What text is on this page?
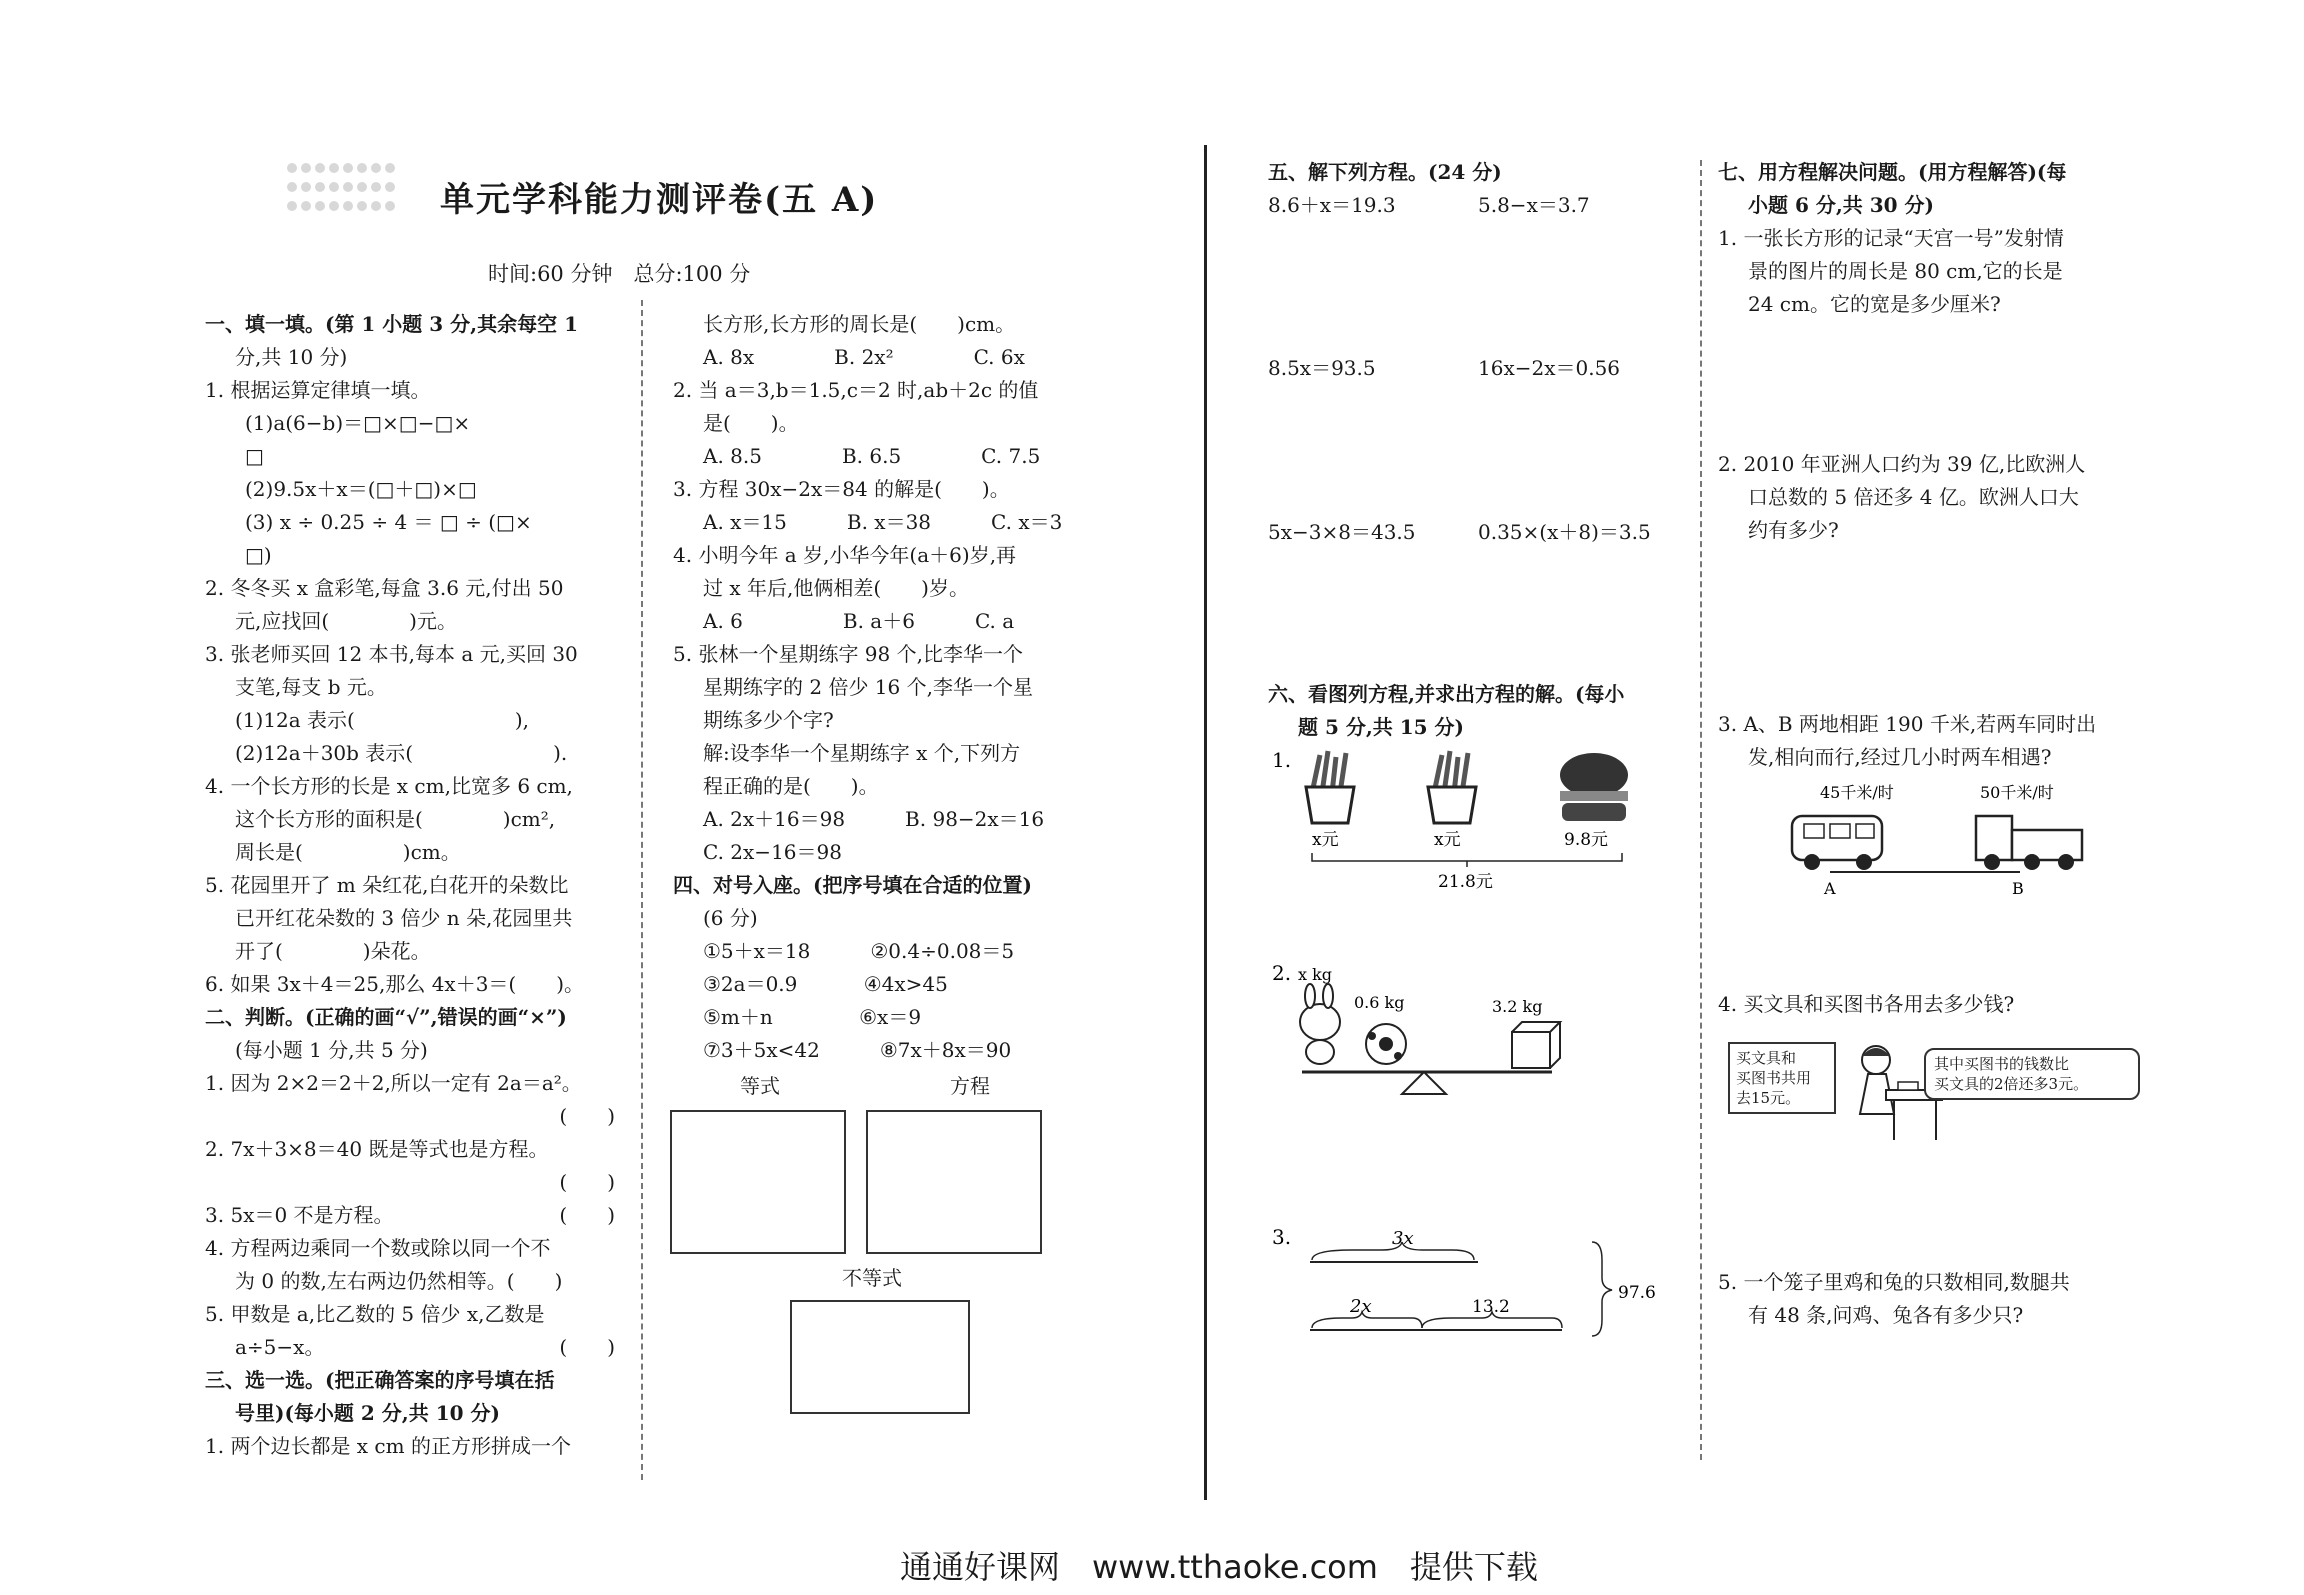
单元学科能力测评卷(五 A)
时间:60 分钟　总分:100 分
一、填一填。(第 1 小题 3 分,其余每空 1
分,共 10 分)
1. 根据运算定律填一填。
(1)a(6−b)＝□×□−□×
□
(2)9.5x＋x＝(□＋□)×□
(3) x ÷ 0.25 ÷ 4 ＝ □ ÷ (□×
□)
2. 冬冬买 x 盒彩笔,每盒 3.6 元,付出 50
元,应找回(　　　　)元。
3. 张老师买回 12 本书,每本 a 元,买回 30
支笔,每支 b 元。
(1)12a 表示(　　　　　　　　),
(2)12a＋30b 表示(　　　　　　　).
4. 一个长方形的长是 x cm,比宽多 6 cm,
这个长方形的面积是(　　　　)cm²,
周长是(　　　　　)cm。
5. 花园里开了 m 朵红花,白花开的朵数比
已开红花朵数的 3 倍少 n 朵,花园里共
开了(　　　　)朵花。
6. 如果 3x＋4＝25,那么 4x＋3＝(　　)。
二、判断。(正确的画“√”,错误的画“×”)
(每小题 1 分,共 5 分)
1. 因为 2×2＝2＋2,所以一定有 2a＝a²。
(　　)
2. 7x＋3×8＝40 既是等式也是方程。
(　　)
3. 5x＝0 不是方程。	(　　)
4. 方程两边乘同一个数或除以同一个不
为 0 的数,左右两边仍然相等。(　　)
5. 甲数是 a,比乙数的 5 倍少 x,乙数是
a÷5−x。	(　　)
三、选一选。(把正确答案的序号填在括
号里)(每小题 2 分,共 10 分)
1. 两个边长都是 x cm 的正方形拼成一个
长方形,长方形的周长是(　　)cm。
A. 8x　　　　B. 2x²　　　　C. 6x
2. 当 a＝3,b＝1.5,c＝2 时,ab＋2c 的值
是(　　)。
A. 8.5　　　　B. 6.5　　　　C. 7.5
3. 方程 30x−2x＝84 的解是(　　)。
A. x＝15　　　B. x＝38　　　C. x＝3
4. 小明今年 a 岁,小华今年(a＋6)岁,再
过 x 年后,他俩相差(　　)岁。
A. 6　　　　　B. a＋6　　　C. a
5. 张林一个星期练字 98 个,比李华一个
星期练字的 2 倍少 16 个,李华一个星
期练多少个字?
解:设李华一个星期练字 x 个,下列方
程正确的是(　　)。
A. 2x＋16＝98　　　B. 98−2x＝16
C. 2x−16＝98
四、对号入座。(把序号填在合适的位置)
(6 分)
①5＋x＝18　　　②0.4÷0.08＝5
③2a＝0.9　　　 ④4x>45
⑤m＋n　　　　 ⑥x＝9
⑦3＋5x<42　　　⑧7x＋8x＝90
等式	方程
不等式
五、解下列方程。(24 分)
8.6＋x＝19.3	5.8−x＝3.7
8.5x＝93.5	16x−2x＝0.56
5x−3×8＝43.5	0.35×(x＋8)＝3.5
六、看图列方程,并求出方程的解。(每小
题 5 分,共 15 分)
1.
x元	x元	9.8元
21.8元
2. x kg
0.6 kg	3.2 kg
3.	3x
2x	13.2
97.6
七、用方程解决问题。(用方程解答)(每
小题 6 分,共 30 分)
1. 一张长方形的记录“天宫一号”发射情
景的图片的周长是 80 cm,它的长是
24 cm。它的宽是多少厘米?
2. 2010 年亚洲人口约为 39 亿,比欧洲人
口总数的 5 倍还多 4 亿。欧洲人口大
约有多少?
3. A、B 两地相距 190 千米,若两车同时出
发,相向而行,经过几小时两车相遇?
45千米/时	50千米/时
A	B
4. 买文具和买图书各用去多少钱?
买文具和
买图书共用
去15元。
其中买图书的钱数比
买文具的2倍还多3元。
5. 一个笼子里鸡和兔的只数相同,数腿共
有 48 条,问鸡、兔各有多少只?
通通好课网　www.tthaoke.com　提供下载
